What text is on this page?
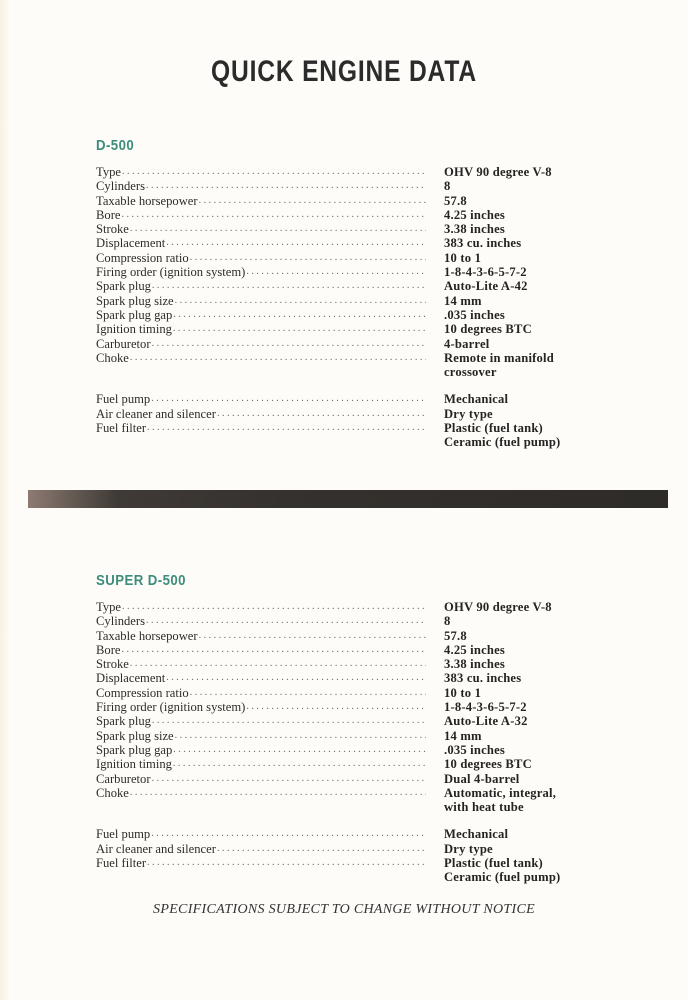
QUICK ENGINE DATA
D-500
Type . . .	OHV 90 degree V-8
Cylinders . . .	8
Taxable horsepower . . .	57.8
Bore . . .	4.25 inches
Stroke . . .	3.38 inches
Displacement . . .	383 cu. inches
Compression ratio . . .	10 to 1
Firing order (ignition system) . . .	1-8-4-3-6-5-7-2
Spark plug . . .	Auto-Lite A-42
Spark plug size . . .	14 mm
Spark plug gap . . .	.035 inches
Ignition timing . . .	10 degrees BTC
Carburetor . . .	4-barrel
Choke . . .	Remote in manifold
crossover
Fuel pump . . .	Mechanical
Air cleaner and silencer . . .	Dry type
Fuel filter . . .	Plastic (fuel tank)
Ceramic (fuel pump)
SUPER D-500
Type . . .	OHV 90 degree V-8
Cylinders . . .	8
Taxable horsepower . . .	57.8
Bore . . .	4.25 inches
Stroke . . .	3.38 inches
Displacement . . .	383 cu. inches
Compression ratio . . .	10 to 1
Firing order (ignition system) . . .	1-8-4-3-6-5-7-2
Spark plug . . .	Auto-Lite A-32
Spark plug size . . .	14 mm
Spark plug gap . . .	.035 inches
Ignition timing . . .	10 degrees BTC
Carburetor . . .	Dual 4-barrel
Choke . . .	Automatic, integral,
with heat tube
Fuel pump . . .	Mechanical
Air cleaner and silencer . . .	Dry type
Fuel filter . . .	Plastic (fuel tank)
Ceramic (fuel pump)
SPECIFICATIONS SUBJECT TO CHANGE WITHOUT NOTICE
